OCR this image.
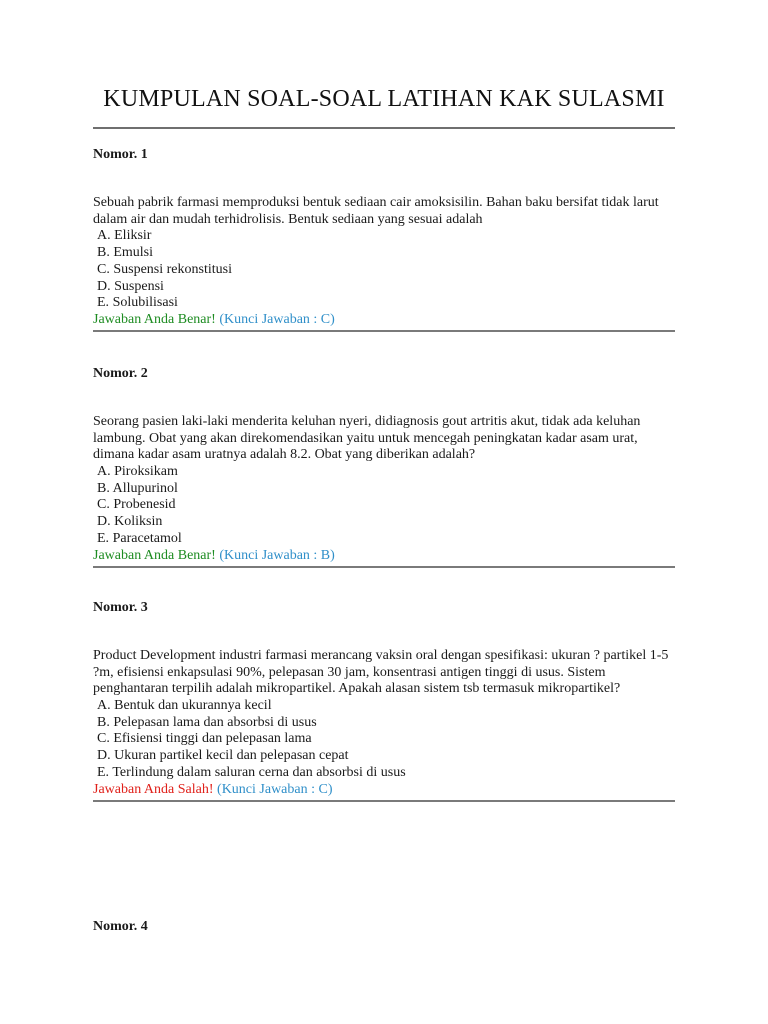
KUMPULAN SOAL-SOAL LATIHAN KAK SULASMI
Nomor. 1
Sebuah pabrik farmasi memproduksi bentuk sediaan cair amoksisilin. Bahan baku bersifat tidak larut dalam air dan mudah terhidrolisis. Bentuk sediaan yang sesuai adalah
A. Eliksir
B. Emulsi
C. Suspensi rekonstitusi
D. Suspensi
E. Solubilisasi
Jawaban Anda Benar! (Kunci Jawaban : C)
Nomor. 2
Seorang pasien laki-laki menderita keluhan nyeri, didiagnosis gout artritis akut, tidak ada keluhan lambung. Obat yang akan direkomendasikan yaitu untuk mencegah peningkatan kadar asam urat, dimana kadar asam uratnya adalah 8.2. Obat yang diberikan adalah?
A. Piroksikam
B. Allupurinol
C. Probenesid
D. Koliksin
E. Paracetamol
Jawaban Anda Benar! (Kunci Jawaban : B)
Nomor. 3
Product Development industri farmasi merancang vaksin oral dengan spesifikasi: ukuran ? partikel 1-5 ?m, efisiensi enkapsulasi 90%, pelepasan 30 jam, konsentrasi antigen tinggi di usus. Sistem penghantaran terpilih adalah mikropartikel. Apakah alasan sistem tsb termasuk mikropartikel?
A. Bentuk dan ukurannya kecil
B. Pelepasan lama dan absorbsi di usus
C. Efisiensi tinggi dan pelepasan lama
D. Ukuran partikel kecil dan pelepasan cepat
E. Terlindung dalam saluran cerna dan absorbsi di usus
Jawaban Anda Salah! (Kunci Jawaban : C)
Nomor. 4
